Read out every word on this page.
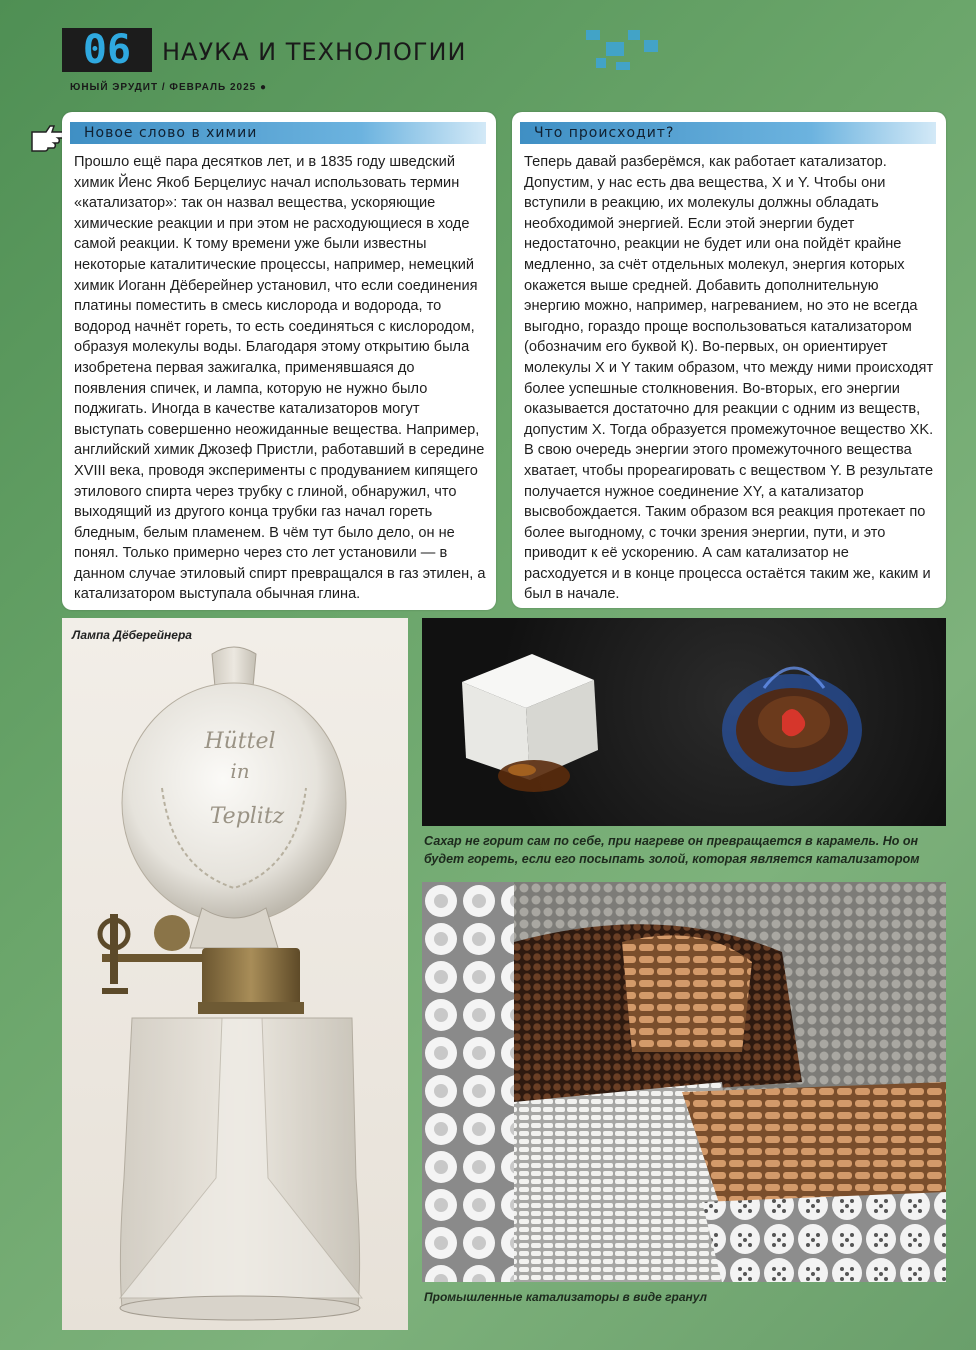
06	НАУКА И ТЕХНОЛОГИИ
ЮНЫЙ ЭРУДИТ / ФЕВРАЛЬ 2025 ●
Новое слово в химии
Прошло ещё пара десятков лет, и в 1835 году шведский химик Йенс Якоб Берцелиус начал использовать термин «катализатор»: так он назвал вещества, ускоряющие химические реакции и при этом не расходующиеся в ходе самой реакции. К тому времени уже были известны некоторые каталитические процессы, например, немецкий химик Иоганн Дёберейнер установил, что если соединения платины поместить в смесь кислорода и водорода, то водород начнёт гореть, то есть соединяться с кислородом, образуя молекулы воды. Благодаря этому открытию была изобретена первая зажигалка, применявшаяся до появления спичек, и лампа, которую не нужно было поджигать. Иногда в качестве катализаторов могут выступать совершенно неожиданные вещества. Например, английский химик Джозеф Пристли, работавший в середине XVIII века, проводя эксперименты с продуванием кипящего этилового спирта через трубку с глиной, обнаружил, что выходящий из другого конца трубки газ начал гореть бледным, белым пламенем. В чём тут было дело, он не понял. Только примерно через сто лет установили — в данном случае этиловый спирт превращался в газ этилен, а катализатором выступала обычная глина.
Что происходит?
Теперь давай разберёмся, как работает катализатор. Допустим, у нас есть два вещества, X и Y. Чтобы они вступили в реакцию, их молекулы должны обладать необходимой энергией. Если этой энергии будет недостаточно, реакции не будет или она пойдёт крайне медленно, за счёт отдельных молекул, энергия которых окажется выше средней. Добавить дополнительную энергию можно, например, нагреванием, но это не всегда выгодно, гораздо проще воспользоваться катализатором (обозначим его буквой К). Во-первых, он ориентирует молекулы X и Y таким образом, что между ними происходят более успешные столкновения. Во-вторых, его энергии оказывается достаточно для реакции с одним из веществ, допустим X. Тогда образуется промежуточное вещество XK. В свою очередь энергии этого промежуточного вещества хватает, чтобы прореагировать с веществом Y. В результате получается нужное соединение XY, а катализатор высвобождается. Таким образом вся реакция протекает по более выгодному, с точки зрения энергии, пути, и это приводит к её ускорению. А сам катализатор не расходуется и в конце процесса остаётся таким же, каким и был в начале.
Лампа Дёберейнера
Hüttel
in
Teplitz
Сахар не горит сам по себе, при нагреве он превращается в карамель. Но он будет гореть, если его посыпать золой, которая является катализатором
Промышленные катализаторы в виде гранул
